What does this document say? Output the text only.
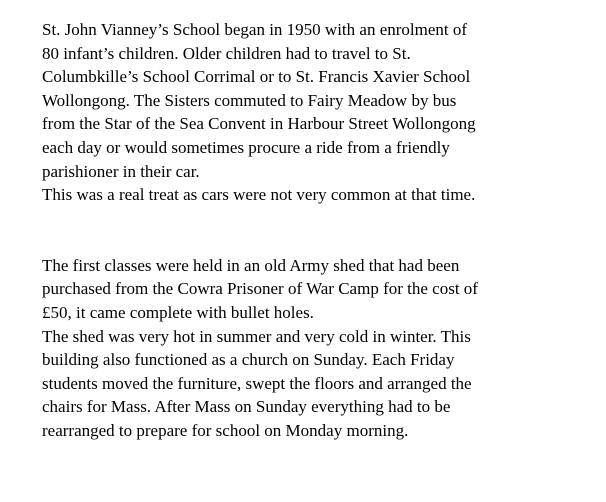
St. John Vianney’s School began in 1950 with an enrolment of
80 infant’s children. Older children had to travel to St.
Columbkille’s School Corrimal or to St. Francis Xavier School
Wollongong. The Sisters commuted to Fairy Meadow by bus
from the Star of the Sea Convent in Harbour Street Wollongong
each day or would sometimes procure a ride from a friendly
parishioner in their car.
This was a real treat as cars were not very common at that time.

The first classes were held in an old Army shed that had been
purchased from the Cowra Prisoner of War Camp for the cost of
£50, it came complete with bullet holes.
The shed was very hot in summer and very cold in winter. This
building also functioned as a church on Sunday. Each Friday
students moved the furniture, swept the floors and arranged the
chairs for Mass. After Mass on Sunday everything had to be
rearranged to prepare for school on Monday morning.
